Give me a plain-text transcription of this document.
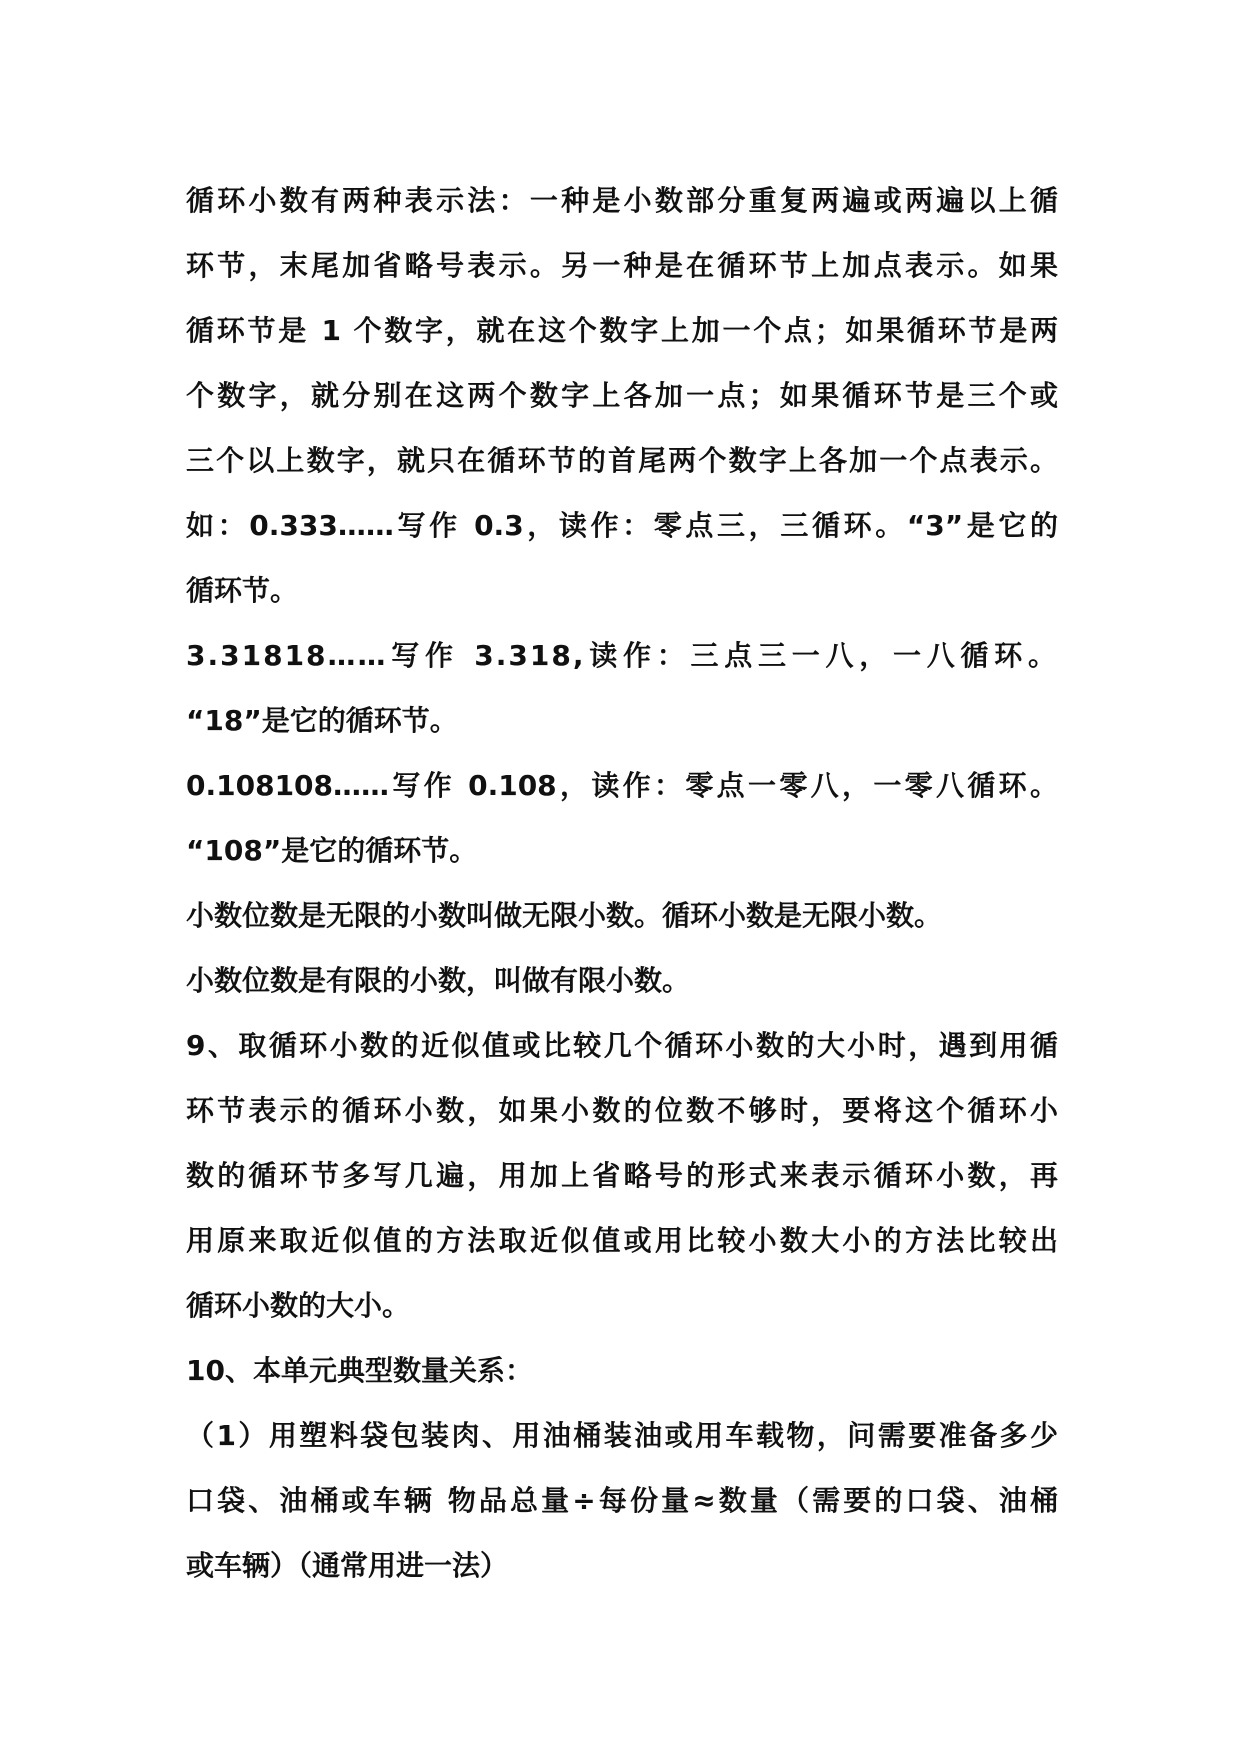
循环小数有两种表示法：一种是小数部分重复两遍或两遍以上循
环节，末尾加省略号表示。另一种是在循环节上加点表示。如果
循环节是 1 个数字，就在这个数字上加一个点；如果循环节是两
个数字，就分别在这两个数字上各加一点；如果循环节是三个或
三个以上数字，就只在循环节的首尾两个数字上各加一个点表示。
如：0.333……写作 0.3，读作：零点三，三循环。“3”是它的
循环节。
3.31818……写作 3.318,读作：三点三一八，一八循环。
“18”是它的循环节。
0.108108……写作 0.108，读作：零点一零八，一零八循环。
“108”是它的循环节。
小数位数是无限的小数叫做无限小数。循环小数是无限小数。
小数位数是有限的小数，叫做有限小数。
9、取循环小数的近似值或比较几个循环小数的大小时，遇到用循
环节表示的循环小数，如果小数的位数不够时，要将这个循环小
数的循环节多写几遍，用加上省略号的形式来表示循环小数，再
用原来取近似值的方法取近似值或用比较小数大小的方法比较出
循环小数的大小。
10、本单元典型数量关系：
（1）用塑料袋包装肉、用油桶装油或用车载物，问需要准备多少
口袋、油桶或车辆 物品总量÷每份量≈数量（需要的口袋、油桶
或车辆）（通常用进一法）
